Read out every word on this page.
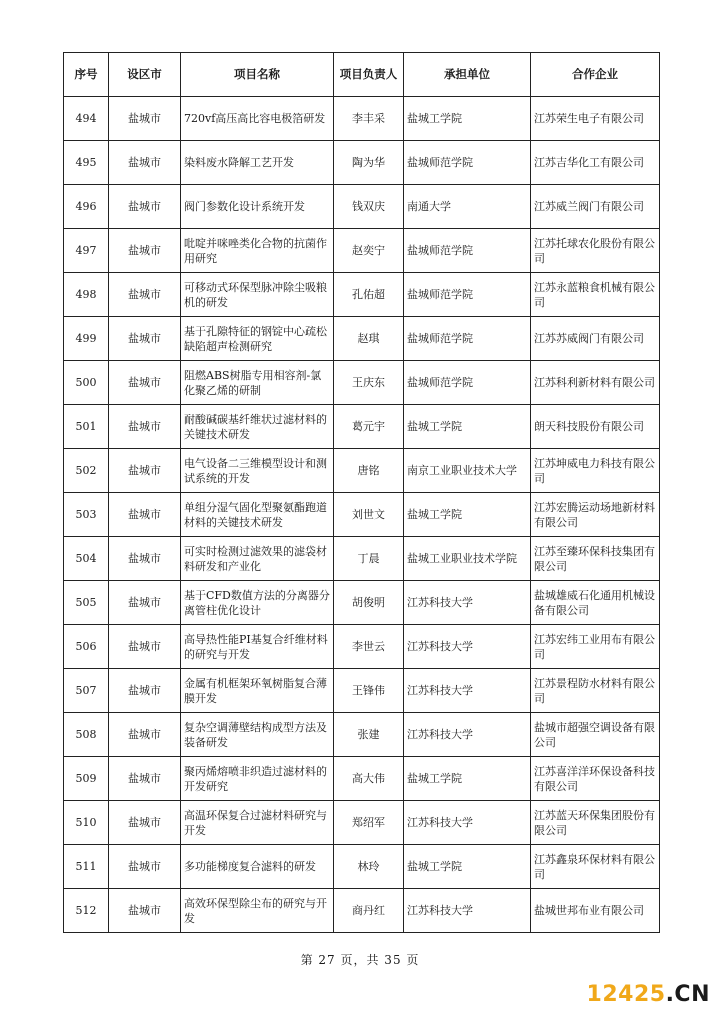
序号	设区市	项目名称	项目负责人	承担单位	合作企业
494	盐城市	720vf高压高比容电极箔研发	李丰采	盐城工学院	江苏荣生电子有限公司
495	盐城市	染料废水降解工艺开发	陶为华	盐城师范学院	江苏吉华化工有限公司
496	盐城市	阀门参数化设计系统开发	钱双庆	南通大学	江苏威兰阀门有限公司
497	盐城市	吡啶并咪唑类化合物的抗菌作用研究	赵奕宁	盐城师范学院	江苏托球农化股份有限公司
498	盐城市	可移动式环保型脉冲除尘吸粮机的研发	孔佑超	盐城师范学院	江苏永蓝粮食机械有限公司
499	盐城市	基于孔隙特征的钢锭中心疏松缺陷超声检测研究	赵琪	盐城师范学院	江苏苏威阀门有限公司
500	盐城市	阻燃ABS树脂专用相容剂-氯化聚乙烯的研制	王庆东	盐城师范学院	江苏科利新材料有限公司
501	盐城市	耐酸碱碳基纤维状过滤材料的关键技术研发	葛元宇	盐城工学院	朗天科技股份有限公司
502	盐城市	电气设备二三维模型设计和测试系统的开发	唐铭	南京工业职业技术大学	江苏坤威电力科技有限公司
503	盐城市	单组分湿气固化型聚氨酯跑道材料的关键技术研发	刘世文	盐城工学院	江苏宏腾运动场地新材料有限公司
504	盐城市	可实时检测过滤效果的滤袋材料研发和产业化	丁晨	盐城工业职业技术学院	江苏至臻环保科技集团有限公司
505	盐城市	基于CFD数值方法的分离器分离管柱优化设计	胡俊明	江苏科技大学	盐城雄威石化通用机械设备有限公司
506	盐城市	高导热性能PI基复合纤维材料的研究与开发	李世云	江苏科技大学	江苏宏纬工业用布有限公司
507	盐城市	金属有机框架环氧树脂复合薄膜开发	王锋伟	江苏科技大学	江苏景程防水材料有限公司
508	盐城市	复杂空调薄壁结构成型方法及装备研发	张建	江苏科技大学	盐城市超强空调设备有限公司
509	盐城市	聚丙烯熔喷非织造过滤材料的开发研究	高大伟	盐城工学院	江苏喜洋洋环保设备科技有限公司
510	盐城市	高温环保复合过滤材料研究与开发	郑绍军	江苏科技大学	江苏蓝天环保集团股份有限公司
511	盐城市	多功能梯度复合滤料的研发	林玲	盐城工学院	江苏鑫泉环保材料有限公司
512	盐城市	高效环保型除尘布的研究与开发	商丹红	江苏科技大学	盐城世邦布业有限公司
第 27 页，共 35 页
12425.CN
